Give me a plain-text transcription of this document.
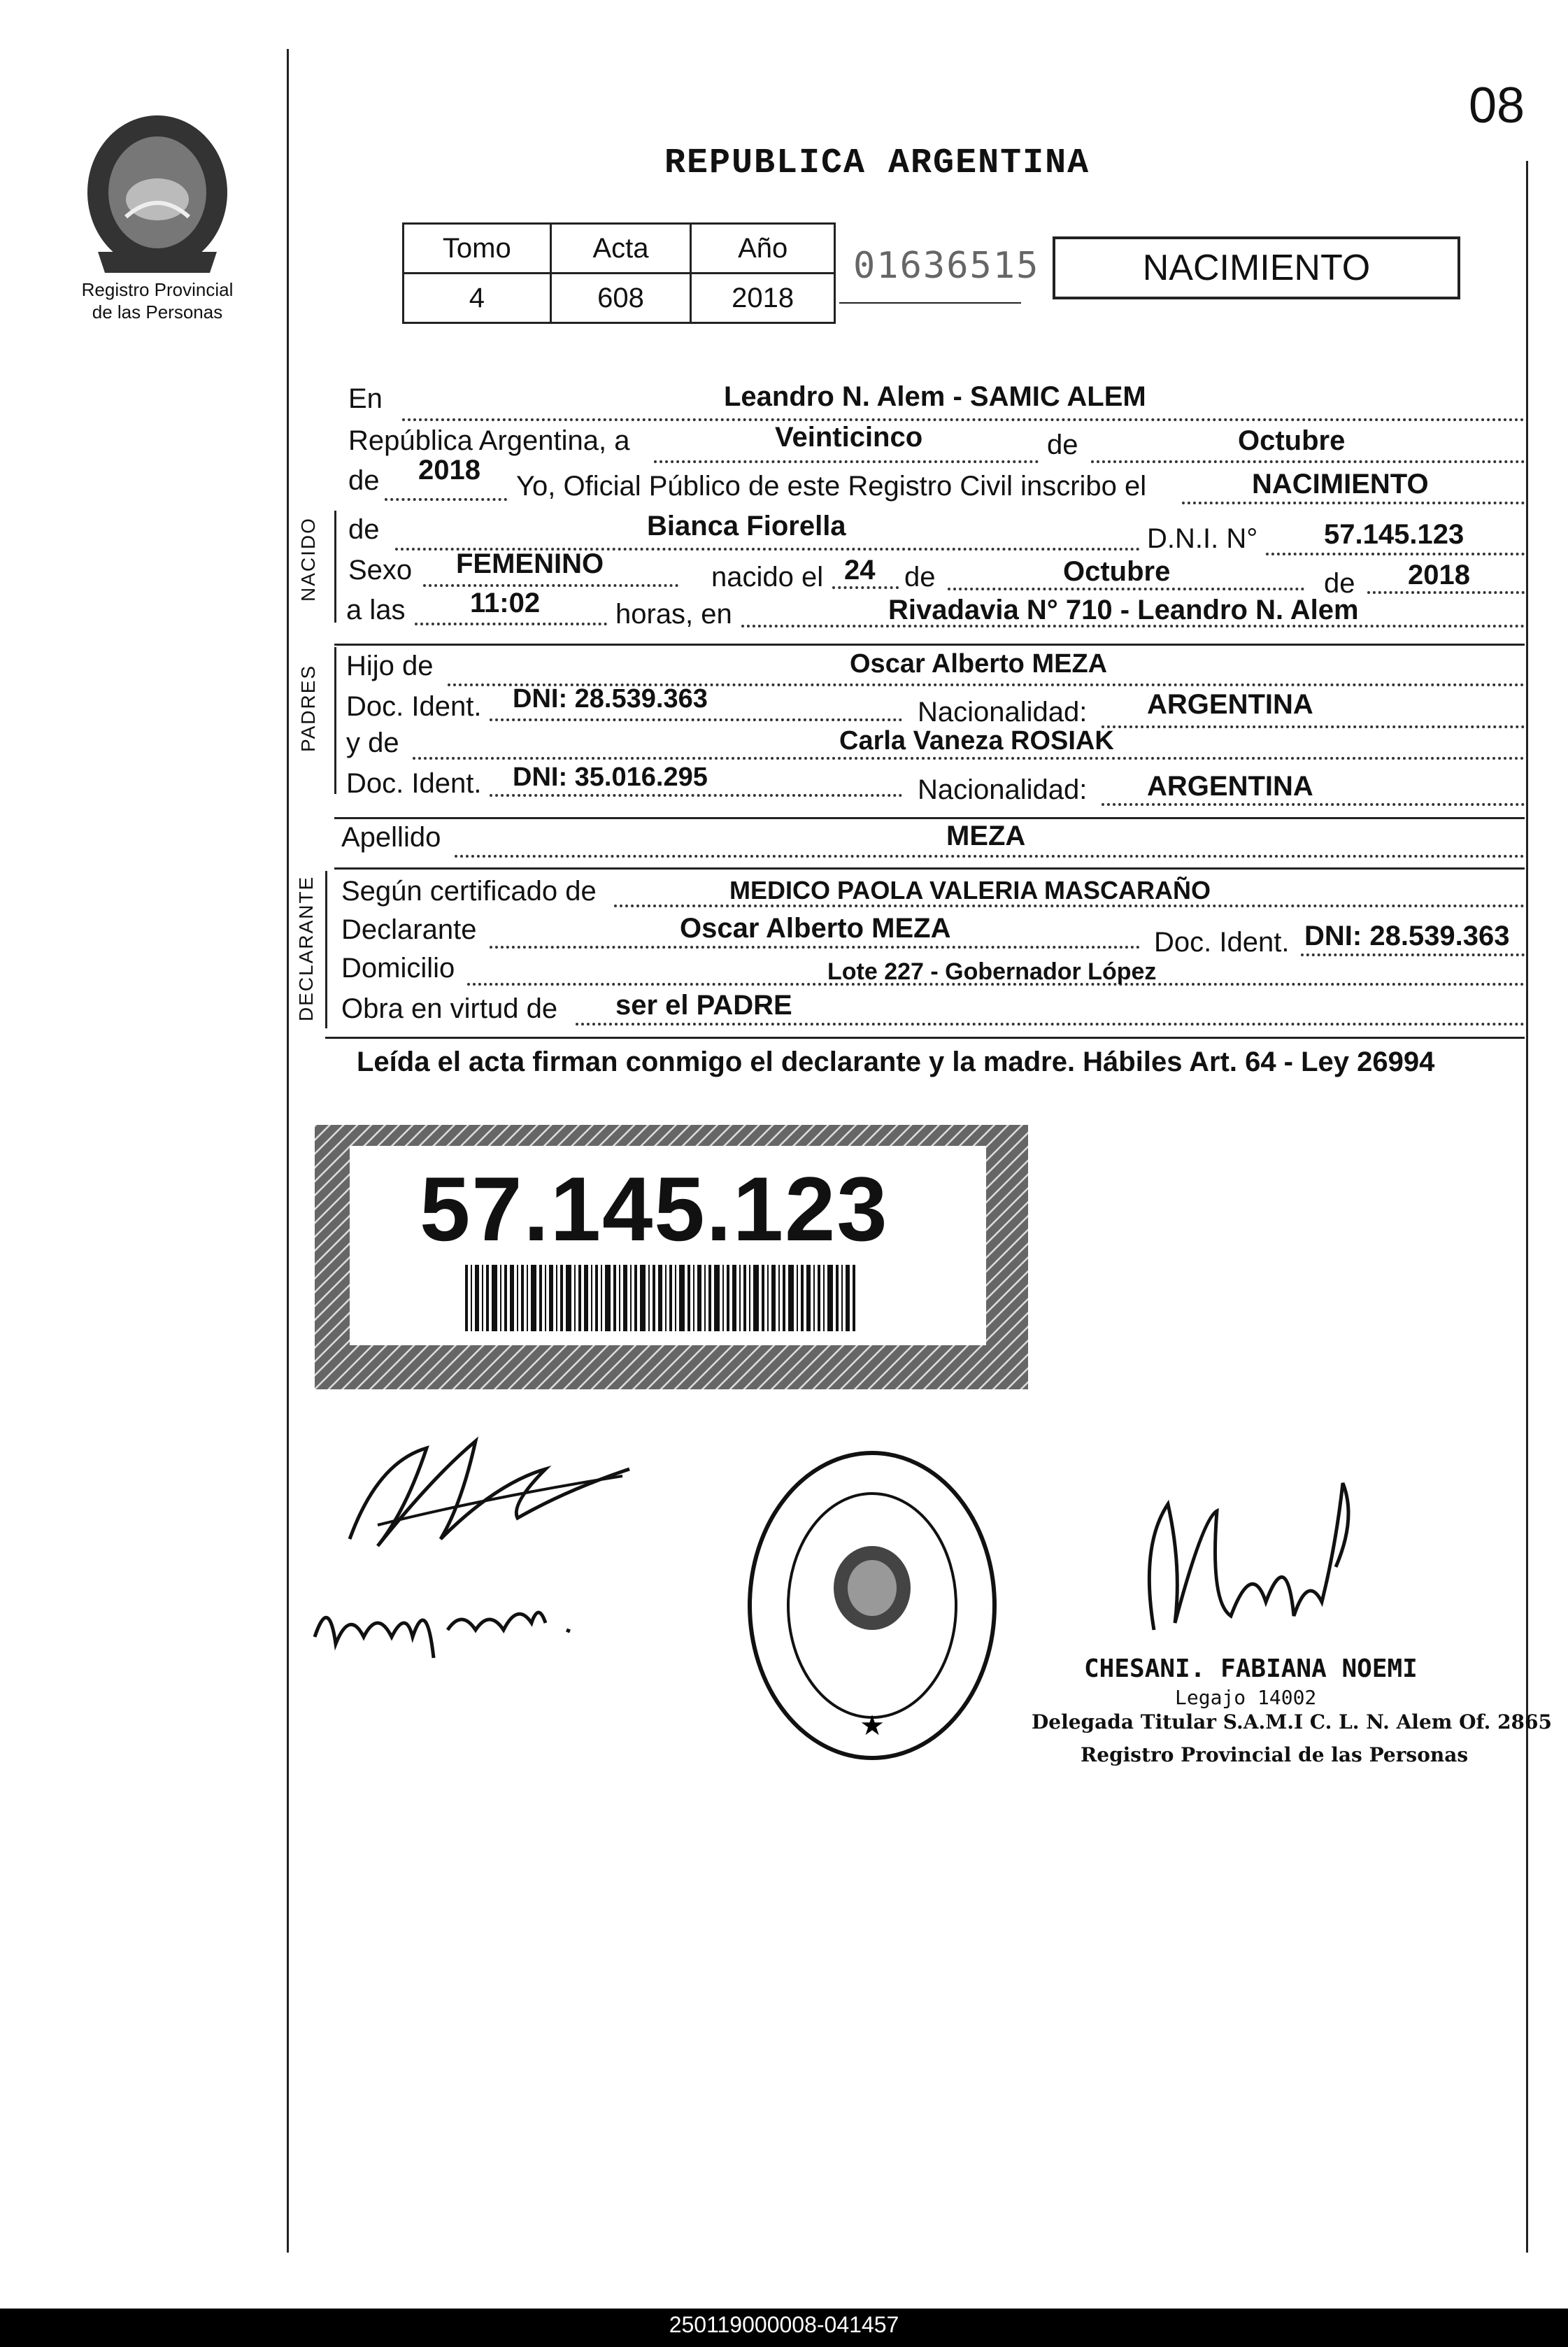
08
Registro Provincial
de las Personas
REPUBLICA ARGENTINA
Tomo	Acta	Año
4	608	2018
01636515	NACIMIENTO
En	Leandro N. Alem - SAMIC ALEM
República Argentina, a	Veinticinco	de	Octubre
de 2018
Yo, Oficial Público de este Registro Civil inscribo el	NACIMIENTO
NACIDO de	Bianca Fiorella	D.N.I. N° 57.145.123
Sexo FEMENINO	nacido el 24 de	Octubre	de 2018
a las 11:02	horas, en	Rivadavia N° 710 - Leandro N. Alem
PADRES Hijo de	Oscar Alberto MEZA
Doc. Ident. DNI: 28.539.363	Nacionalidad: ARGENTINA
y de	Carla Vaneza ROSIAK
Doc. Ident. DNI: 35.016.295	Nacionalidad: ARGENTINA
Apellido	MEZA
DECLARANTE Según certificado de	MEDICO PAOLA VALERIA MASCARAÑO
Declarante	Oscar Alberto MEZA	Doc. Ident. DNI: 28.539.363
Domicilio	Lote 227 - Gobernador López
Obra en virtud de ser el PADRE
Leída el acta firman conmigo el declarante y la madre. Hábiles Art. 64 - Ley 26994
57.145.123
★
CHESANI. FABIANA NOEMI
Legajo 14002
Delegada Titular S.A.M.I C. L. N. Alem Of. 2865
Registro Provincial de las Personas
250119000008-041457
